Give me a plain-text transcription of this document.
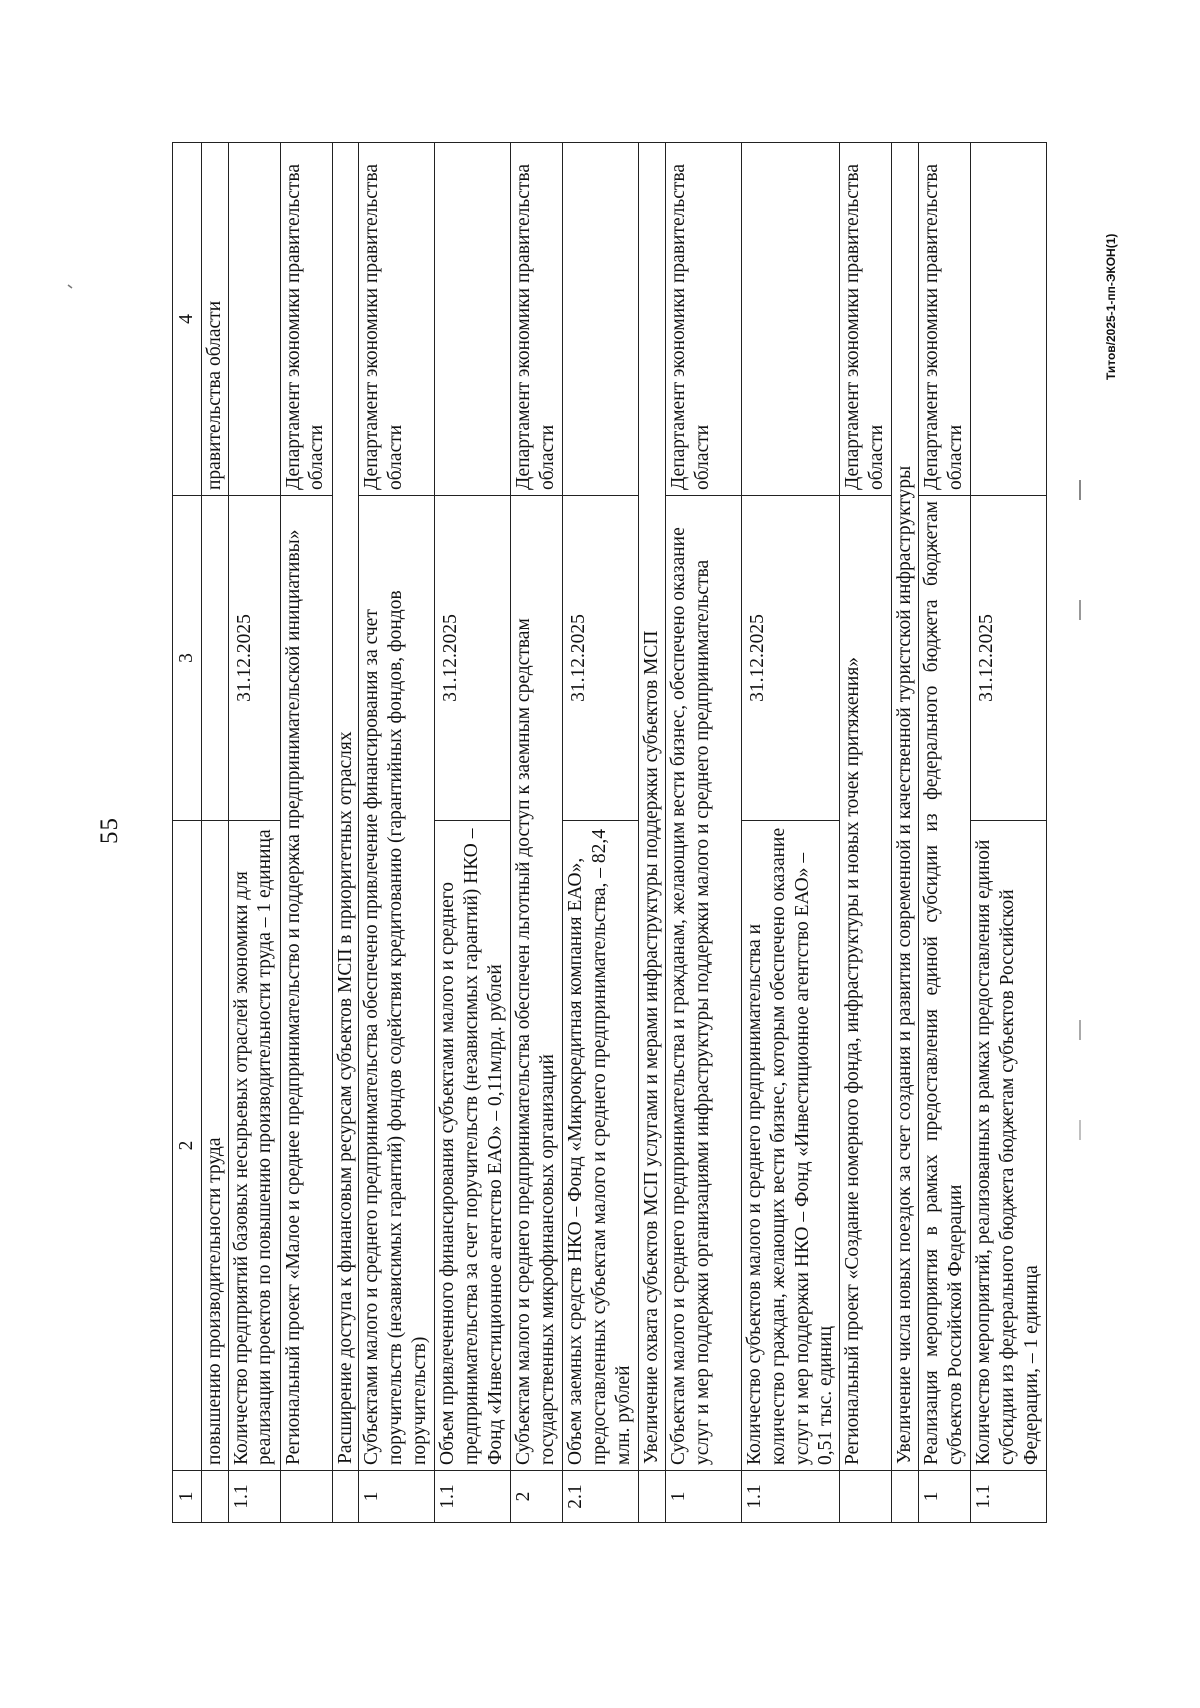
55
Титов/2025-1-пп-ЭКОН(1)
1	2	3	4
	повышению производительности труда		правительства области
1.1	Количество предприятий базовых несырьевых отраслей экономики для реализации проектов по повышению производительности труда – 1 единица	31.12.2025	
	Региональный проект «Малое и среднее предпринимательство и поддержка предпринимательской инициативы»		Департамент экономики правительства области
	Расширение доступа к финансовым ресурсам субъектов МСП в приоритетных отраслях		
1	Субъектами малого и среднего предпринимательства обеспечено привлечение финансирования за счет поручительств (независимых гарантий) фондов содействия кредитованию (гарантийных фондов, фондов поручительств)		Департамент экономики правительства области
1.1	Объем привлеченного финансирования субъектами малого и среднего предпринимательства за счет поручительств (независимых гарантий) НКО – Фонд «Инвестиционное агентство ЕАО» – 0,11млрд. рублей	31.12.2025	
2	Субъектам малого и среднего предпринимательства обеспечен льготный доступ к заемным средствам государственных микрофинансовых организаций		Департамент экономики правительства области
2.1	Объем заемных средств НКО – Фонд «Микрокредитная компания ЕАО», предоставленных субъектам малого и среднего предпринимательства, – 82,4 млн. рублей	31.12.2025	
	Увеличение охвата субъектов МСП услугами и мерами инфраструктуры поддержки субъектов МСП		
1	Субъектам малого и среднего предпринимательства и гражданам, желающим вести бизнес, обеспечено оказание услуг и мер поддержки организациями инфраструктуры поддержки малого и среднего предпринимательства		Департамент экономики правительства области
1.1	Количество субъектов малого и среднего предпринимательства и количество граждан, желающих вести бизнес, которым обеспечено оказание услуг и мер поддержки НКО – Фонд «Инвестиционное агентство ЕАО» – 0,51 тыс. единиц	31.12.2025	
	Региональный проект «Создание номерного фонда, инфраструктуры и новых точек притяжения»		Департамент экономики правительства области
	Увеличение числа новых поездок за счет создания и развития современной и качественной туристской инфраструктуры		
1	Реализация мероприятия в рамках предоставления единой субсидии из федерального бюджета бюджетам субъектов Российской Федерации		Департамент экономики правительства области
1.1	Количество мероприятий, реализованных в рамках предоставления единой субсидии из федерального бюджета бюджетам субъектов Российской Федерации, – 1 единица	31.12.2025	
